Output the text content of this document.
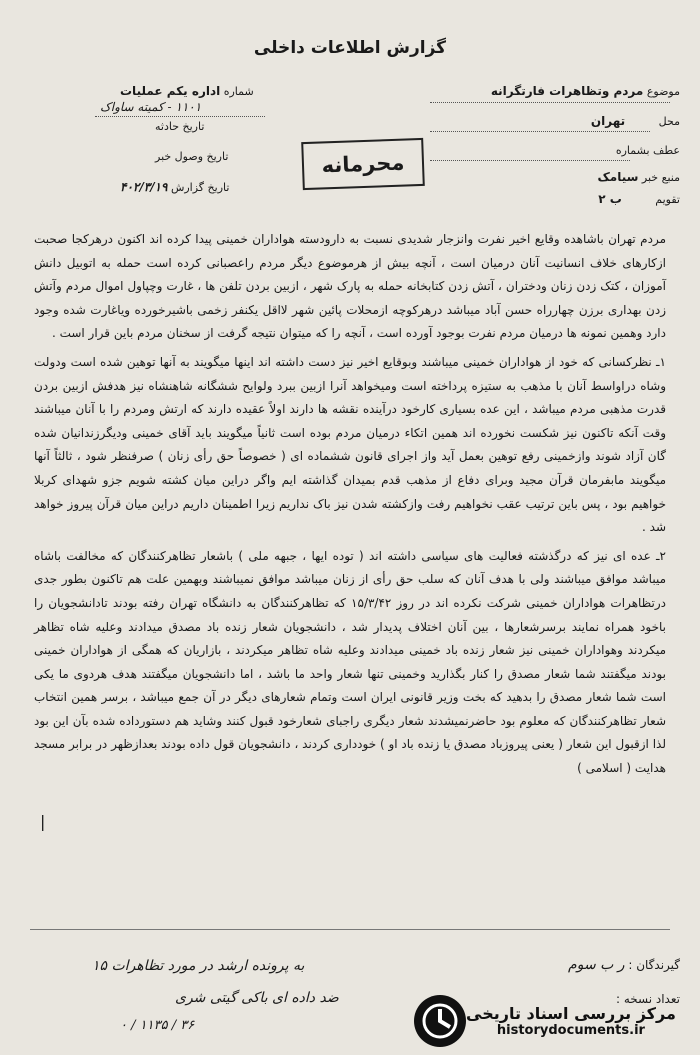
گزارش اطلاعات داخلی
موضوع مردم وتظاهرات فارتگرانه
محل تهران
عطف بشماره
منبع خبر سیامک
تقویم ب ۲
شماره اداره یکم عملیات
۱۱۰۱ - کمیته ساواک
تاریخ حادثه
تاریخ وصول خبر
تاریخ گزارش ۴۰۲/۳/۱۹
محرمانه

مردم تهران باشاهده وقایع اخیر نفرت وانزجار شدیدی نسبت به دارودسته هواداران خمینی پیدا کرده اند اکنون درهرکجا صحبت ازکارهای خلاف انسانیت آنان درمیان است ، آنچه بیش از هرموضوع دیگر مردم راعصبانی کرده است حمله به اتوبیل دانش آموزان ، کتک زدن زنان ودختران ، آتش زدن کتابخانه حمله به پارک شهر ، ازبین بردن تلفن ها ، غارت وچپاول اموال مردم وآتش زدن بهداری برزن چهارراه حسن آباد میباشد درهرکوچه ازمحلات پائین شهر لااقل یکنفر زخمی باشیرخورده ویاغارت شده وجود دارد وهمین نمونه ها درمیان مردم نفرت بوجود آورده است ، آنچه را که میتوان نتیجه گرفت از سخنان مردم باین قرار است .

۱ـ نظرکسانی که خود از هواداران خمینی میباشند وبوقایع اخیر نیز دست داشته اند اینها میگویند به آنها توهین شده است ودولت وشاه دراواسط آنان با مذهب به ستیزه پرداخته است ومیخواهد آنرا ازبین ببرد ولوایح ششگانه شاهنشاه نیز هدفش ازبین بردن قدرت مذهبی مردم میباشد ، این عده بسیاری کارخود درآینده نقشه ها دارند اولاً عقیده دارند که ارتش ومردم را با آنان میباشند وقت آنکه تاکنون نیز شکست نخورده اند همین اتکاء درمیان مردم بوده است ثانیاً میگویند باید آقای خمینی ودیگرزندانیان شده گان آزاد شوند وازخمینی رفع توهین بعمل آید واز اجرای قانون ششماده ای ( خصوصاً حق رأی زنان ) صرفنظر شود ، ثالثاً آنها میگویند مابفرمان قرآن مجید وبرای دفاع از مذهب قدم بمیدان گذاشته ایم واگر دراین میان کشته شویم جزو شهدای کربلا خواهیم بود ، پس باین ترتیب عقب نخواهیم رفت وازکشته شدن نیز باک نداریم زیرا اطمینان داریم دراین میان قرآن پیروز خواهد شد .

۲ـ عده ای نیز که درگذشته فعالیت های سیاسی داشته اند ( توده ایها ، جبهه ملی ) باشعار تظاهرکنندگان که مخالفت باشاه میباشد موافق میباشند ولی با هدف آنان که سلب حق رأی از زنان میباشد موافق نمیباشند وبهمین علت هم تاکنون بطور جدی درتظاهرات هواداران خمینی شرکت نکرده اند در روز ۱۵/۳/۴۲ که تظاهرکنندگان به دانشگاه تهران رفته بودند تادانشجویان را باخود همراه نمایند برسرشعارها ، بین آنان اختلاف پدیدار شد ، دانشجویان شعار زنده باد مصدق میدادند وعلیه شاه تظاهر میکردند وهواداران خمینی نیز شعار زنده باد خمینی میدادند وعلیه شاه تظاهر میکردند ، بازاریان که همگی از هواداران خمینی بودند میگفتند شما شعار مصدق را کنار بگذارید وخمینی تنها شعار واحد ما باشد ، اما دانشجویان میگفتند هدف هردوی ما یکی است شما شعار مصدق را بدهید که بخت وزیر قانونی ایران است وتمام شعارهای دیگر در آن جمع میباشد ، برسر همین انتخاب شعار تظاهرکنندگان که معلوم بود حاضرنمیشدند شعار دیگری راجبای شعارخود قبول کنند وشاید هم دستورداده شده بآن این بود لذا ازقبول این شعار ( یعنی پیروزباد مصدق یا زنده باد او ) خودداری کردند ، دانشجویان قول داده بودند بعدازظهر در برابر مسجد هدایت ( اسلامی )

|
گیرندگان : ر ب سوم
تعداد نسخه :
به پرونده ارشد در مورد تظاهرات ۱۵
ضد داده ای باکی گیتی شری
۳۶ / ۱۱۳۵ / ۰
مرکز بررسی اسناد تاریخی
historydocuments.ir
